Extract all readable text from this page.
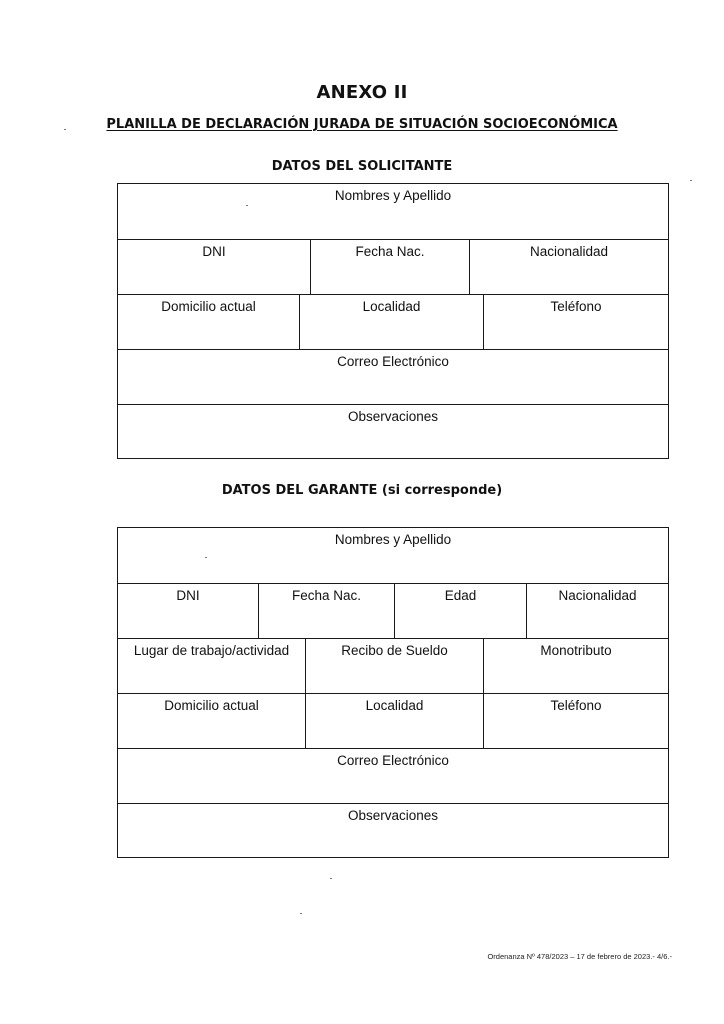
ANEXO II
PLANILLA DE DECLARACIÓN JURADA DE SITUACIÓN SOCIOECONÓMICA
DATOS DEL SOLICITANTE
Nombres y Apellido
DNI	Fecha Nac.	Nacionalidad
Domicilio actual	Localidad	Teléfono
Correo Electrónico
Observaciones
DATOS DEL GARANTE (si corresponde)
Nombres y Apellido
DNI	Fecha Nac.	Edad	Nacionalidad
Lugar de trabajo/actividad	Recibo de Sueldo	Monotributo
Domicilio actual	Localidad	Teléfono
Correo Electrónico
Observaciones
Ordenanza Nº 478/2023 – 17 de febrero de 2023.- 4/6.-
